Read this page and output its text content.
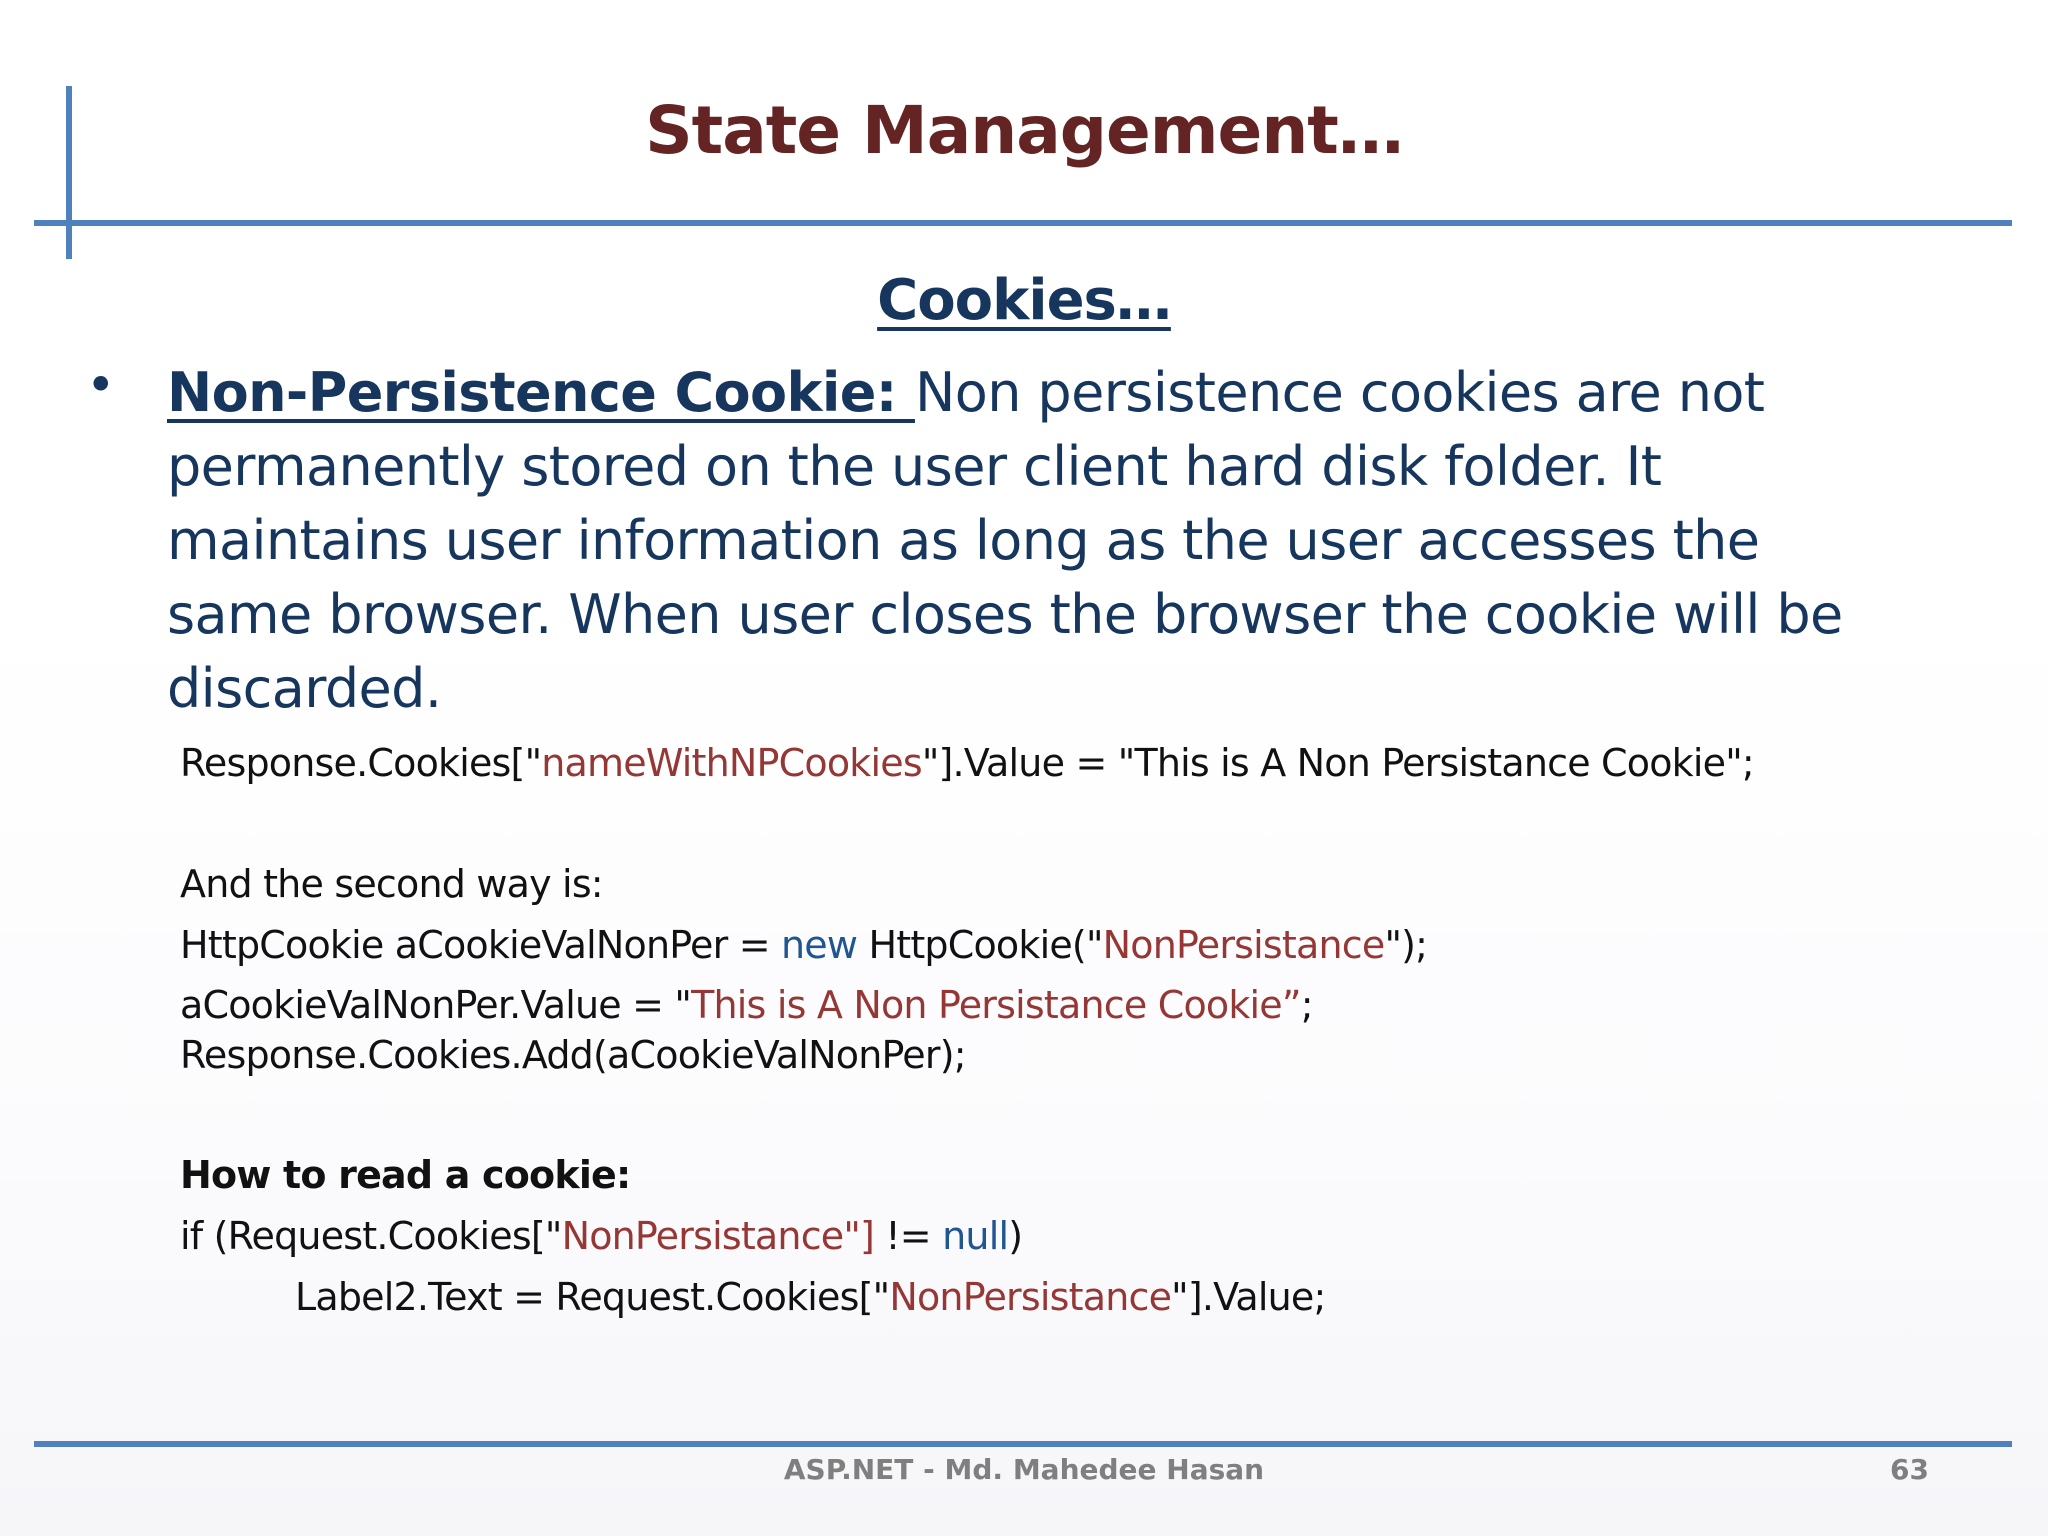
State Management…
Cookies…
• Non-Persistence Cookie: Non persistence cookies are not
permanently stored on the user client hard disk folder. It
maintains user information as long as the user accesses the
same browser. When user closes the browser the cookie will be
discarded.
Response.Cookies["nameWithNPCookies"].Value = "This is A Non Persistance Cookie";
And the second way is:
HttpCookie aCookieValNonPer = new HttpCookie("NonPersistance");
aCookieValNonPer.Value = "This is A Non Persistance Cookie”;
Response.Cookies.Add(aCookieValNonPer);
How to read a cookie:
if (Request.Cookies["NonPersistance"] != null)
Label2.Text = Request.Cookies["NonPersistance"].Value;
ASP.NET - Md. Mahedee Hasan	63
